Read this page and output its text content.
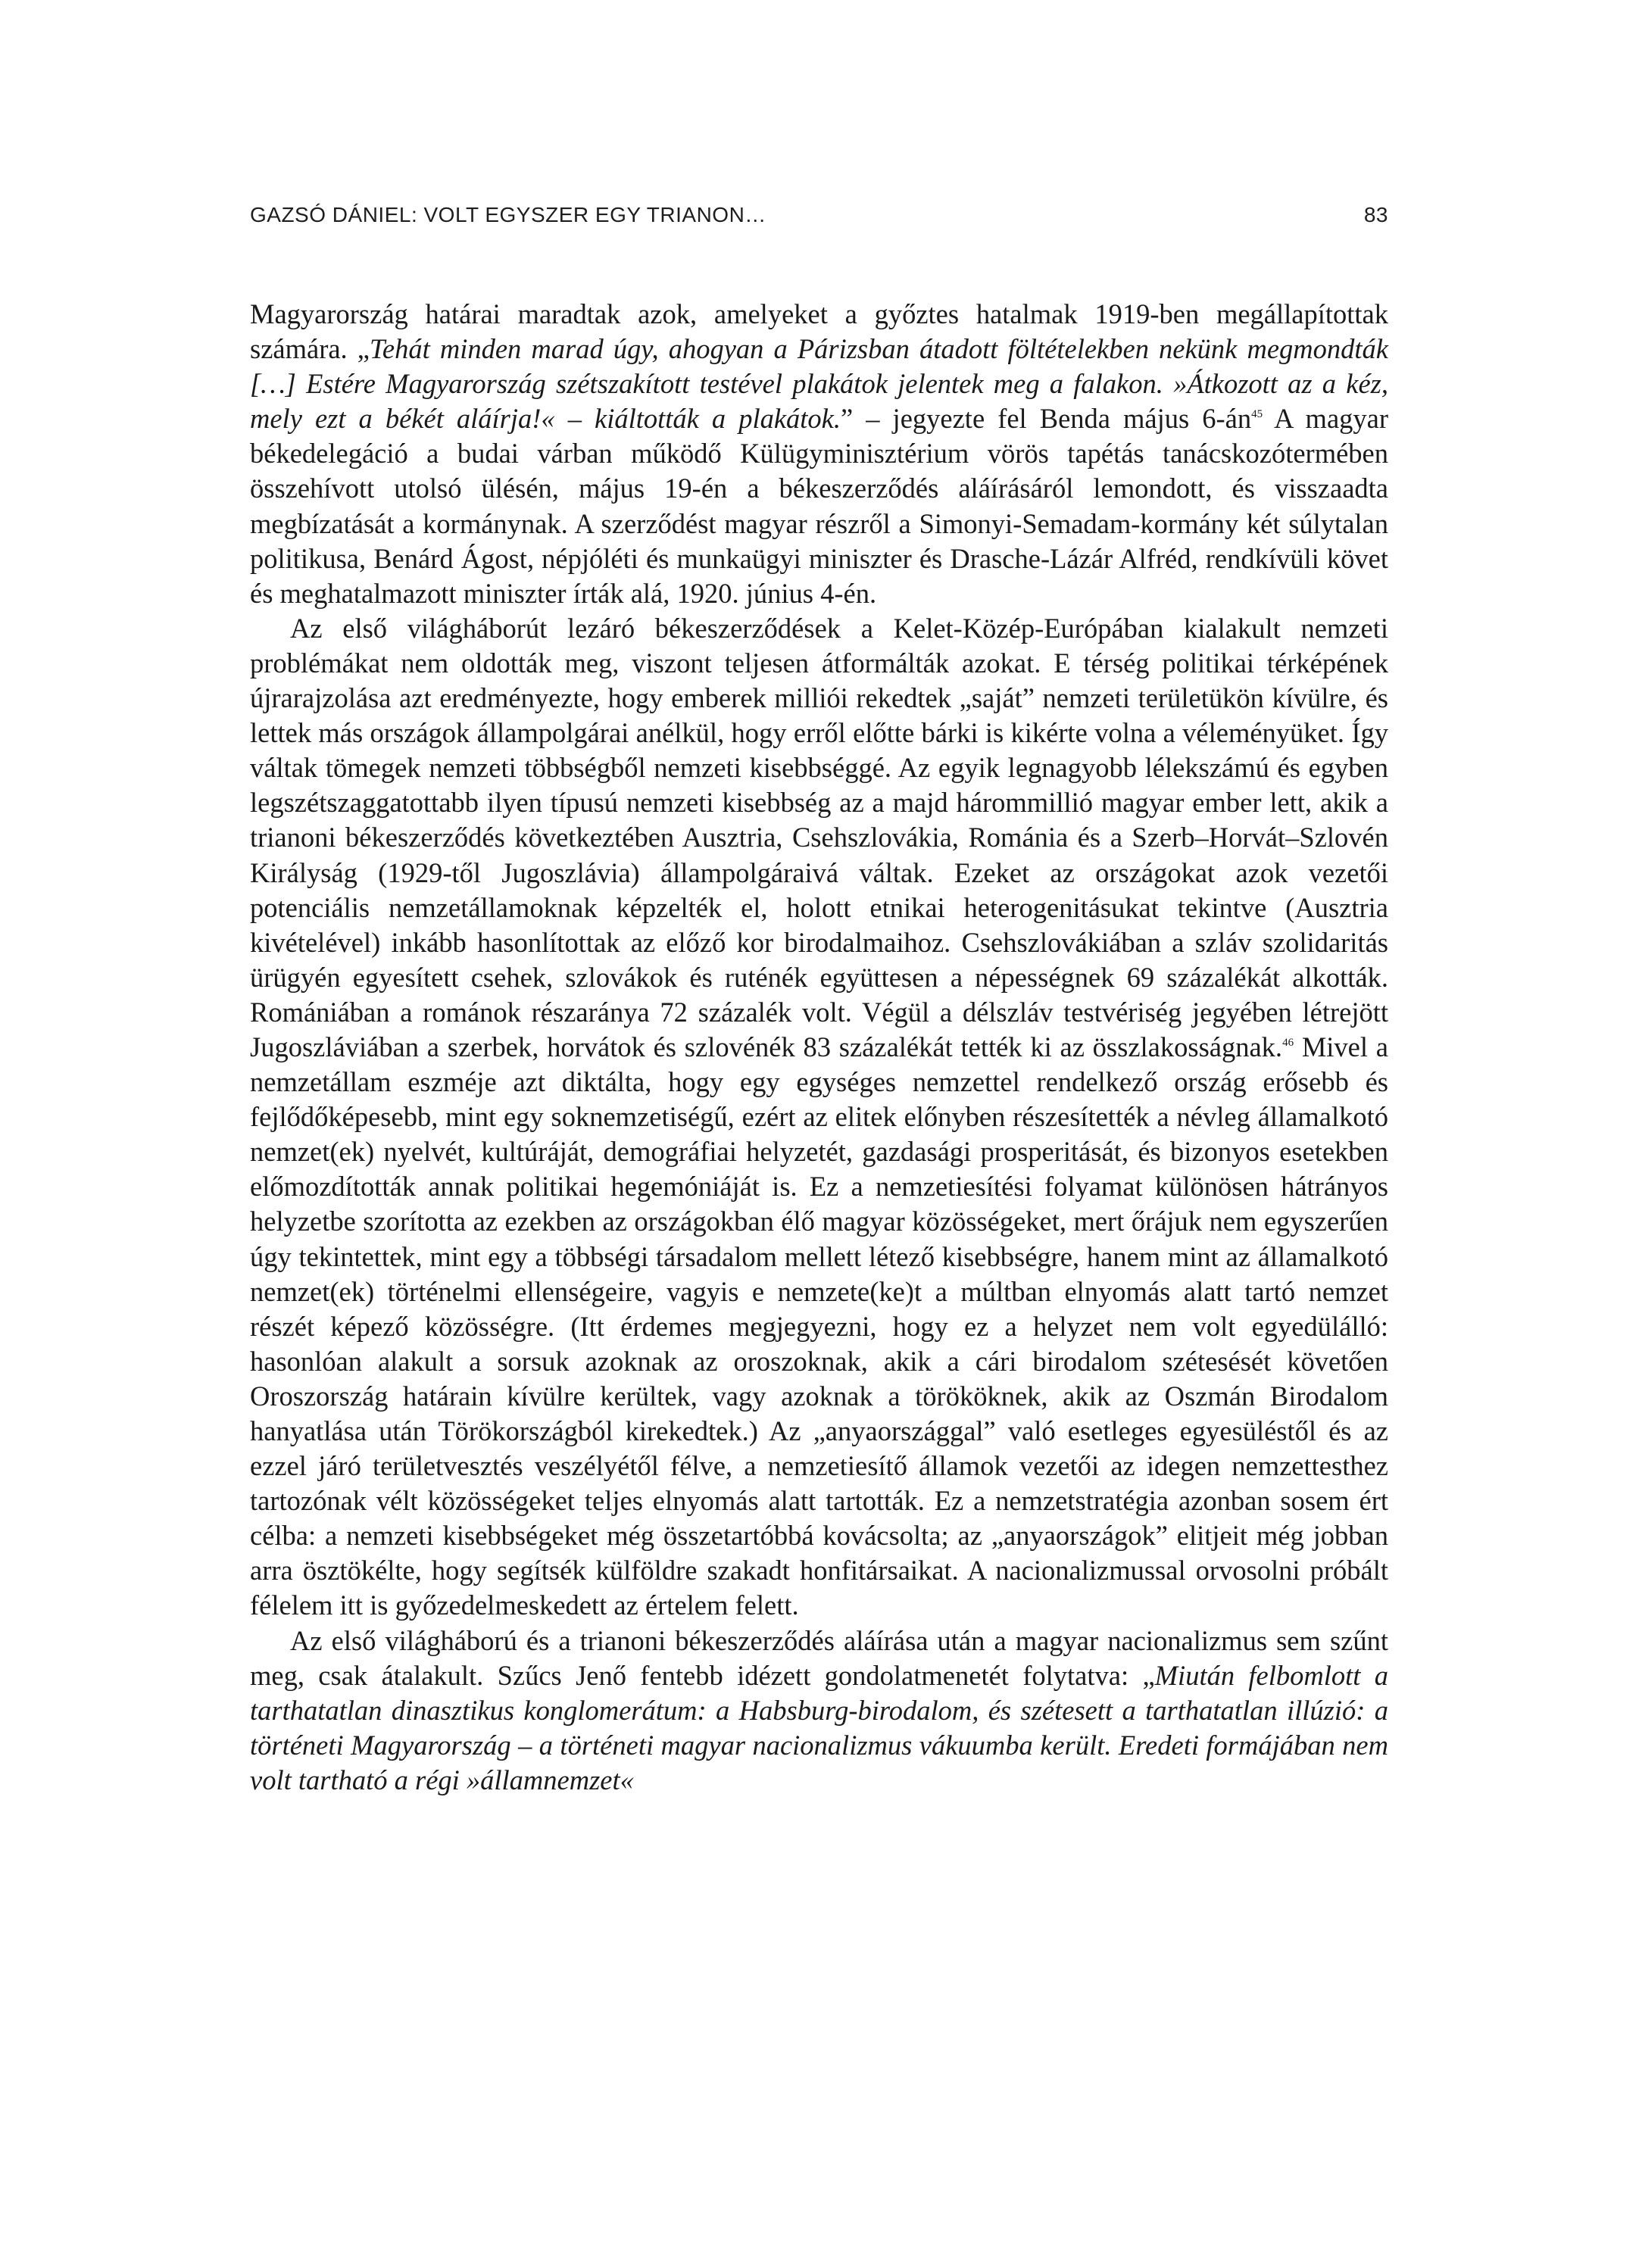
GAZSÓ DÁNIEL: VOLT EGYSZER EGY TRIANON…	83

Magyarország határai maradtak azok, amelyeket a győztes hatalmak 1919-ben megállapítottak számára. „Tehát minden marad úgy, ahogyan a Párizsban átadott föltételekben nekünk megmondták […] Estére Magyarország szétszakított testével plakátok jelentek meg a falakon. »Átkozott az a kéz, mely ezt a békét aláírja!« – kiáltották a plakátok.” – jegyezte fel Benda május $6-án^{45}$ A magyar békedelegáció a budai várban működő Külügyminisztérium vörös tapétás tanácskozótermében összehívott utolsó ülésén, május 19-én a békeszerződés aláírásáról lemondott, és visszaadta megbízatását a kormánynak. A szerződést magyar részről a Simonyi-Semadam-kormány két súlytalan politikusa, Benárd Ágost, népjóléti és munkaügyi miniszter és Drasche-Lázár Alfréd, rendkívüli követ és meghatalmazott miniszter írták alá, 1920. június 4-én.

Az első világháborút lezáró békeszerződések a Kelet-Közép-Európában kialakult nemzeti problémákat nem oldották meg, viszont teljesen átformálták azokat. E térség politikai térképének újrarajzolása azt eredményezte, hogy emberek milliói rekedtek „saját” nemzeti területükön kívülre, és lettek más országok állampolgárai anélkül, hogy erről előtte bárki is kikérte volna a véleményüket. Így váltak tömegek nemzeti többségből nemzeti kisebbséggé. Az egyik legnagyobb lélekszámú és egyben legszétszaggatottabb ilyen típusú nemzeti kisebbség az a majd hárommillió magyar ember lett, akik a trianoni békeszerződés következtében Ausztria, Csehszlovákia, Románia és a Szerb–Horvát–Szlovén Királyság (1929-től Jugoszlávia) állampolgáraivá váltak. Ezeket az országokat azok vezetői potenciális nemzetállamoknak képzelték el, holott etnikai heterogenitásukat tekintve (Ausztria kivételével) inkább hasonlítottak az előző kor birodalmaihoz. Csehszlovákiában a szláv szolidaritás ürügyén egyesített csehek, szlovákok és ruténék együttesen a népességnek 69 százalékát alkották. Romániában a románok részaránya 72 százalék volt. Végül a délszláv testvériség jegyében létrejött Jugoszláviában a szerbek, horvátok és szlovénék 83 százalékát tették ki az összlakosságnak.$^{46}$ Mivel a nemzetállam eszméje azt diktálta, hogy egy egységes nemzettel rendelkező ország erősebb és fejlődőképesebb, mint egy soknemzetiségű, ezért az elitek előnyben részesítették a névleg államalkotó nemzet(ek) nyelvét, kultúráját, demográfiai helyzetét, gazdasági prosperitását, és bizonyos esetekben előmozdították annak politikai hegemóniáját is. Ez a nemzetiesítési folyamat különösen hátrányos helyzetbe szorította az ezekben az országokban élő magyar közösségeket, mert őrájuk nem egyszerűen úgy tekintettek, mint egy a többségi társadalom mellett létező kisebbségre, hanem mint az államalkotó nemzet(ek) történelmi ellenségeire, vagyis e nemzete(ke)t a múltban elnyomás alatt tartó nemzet részét képező közösségre. (Itt érdemes megjegyezni, hogy ez a helyzet nem volt egyedülálló: hasonlóan alakult a sorsuk azoknak az oroszoknak, akik a cári birodalom szétesését követően Oroszország határain kívülre kerültek, vagy azoknak a törököknek, akik az Oszmán Birodalom hanyatlása után Törökországból kirekedtek.) Az „anyaországgal” való esetleges egyesüléstől és az ezzel járó területvesztés veszélyétől félve, a nemzetiesítő államok vezetői az idegen nemzettesthez tartozónak vélt közösségeket teljes elnyomás alatt tartották. Ez a nemzetstratégia azonban sosem ért célba: a nemzeti kisebbségeket még összetartóbbá kovácsolta; az „anyaországok” elitjeit még jobban arra ösztökélte, hogy segítsék külföldre szakadt honfitársaikat. A nacionalizmussal orvosolni próbált félelem itt is győzedelmeskedett az értelem felett.

Az első világháború és a trianoni békeszerződés aláírása után a magyar nacionalizmus sem szűnt meg, csak átalakult. Szűcs Jenő fentebb idézett gondolatmenetét folytatva: „Miután felbomlott a tarthatatlan dinasztikus konglomerátum: a Habsburg-birodalom, és szétesett a tarthatatlan illúzió: a történeti Magyarország – a történeti magyar nacionalizmus vákuumba került. Eredeti formájában nem volt tartható a régi »államnemzet«
